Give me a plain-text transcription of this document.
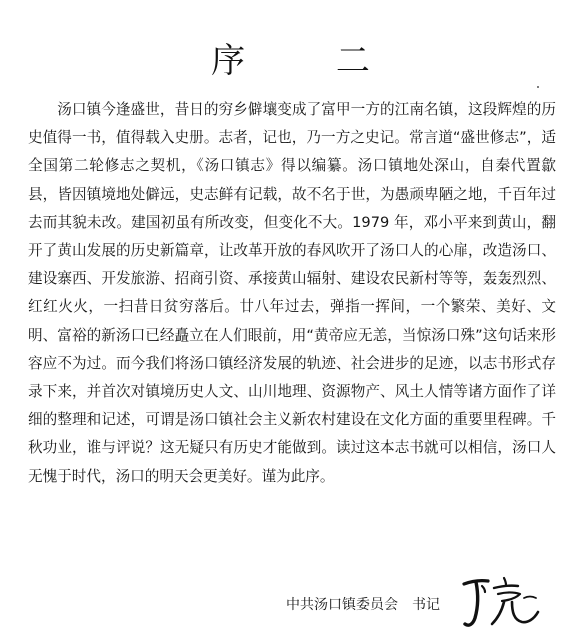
序 二

汤口镇今逢盛世，昔日的穷乡僻壤变成了富甲一方的江南名镇，这段辉煌的历史值得一书，值得载入史册。志者，记也，乃一方之史记。常言道“盛世修志”，适全国第二轮修志之契机，《汤口镇志》得以编纂。汤口镇地处深山，自秦代置歙县，皆因镇境地处僻远，史志鲜有记载，故不名于世，为愚顽卑陋之地，千百年过去而其貌未改。建国初虽有所改变，但变化不大。1979 年，邓小平来到黄山，翻开了黄山发展的历史新篇章，让改革开放的春风吹开了汤口人的心扉，改造汤口、建设寨西、开发旅游、招商引资、承接黄山辐射、建设农民新村等等，轰轰烈烈、红红火火，一扫昔日贫穷落后。廿八年过去，弹指一挥间，一个繁荣、美好、文明、富裕的新汤口已经矗立在人们眼前，用“黄帝应无恙，当惊汤口殊”这句话来形容应不为过。而今我们将汤口镇经济发展的轨迹、社会进步的足迹，以志书形式存录下来，并首次对镇境历史人文、山川地理、资源物产、风土人情等诸方面作了详细的整理和记述，可谓是汤口镇社会主义新农村建设在文化方面的重要里程碑。千秋功业，谁与评说？这无疑只有历史才能做到。读过这本志书就可以相信，汤口人无愧于时代，汤口的明天会更美好。谨为此序。

中共汤口镇委员会 书记
